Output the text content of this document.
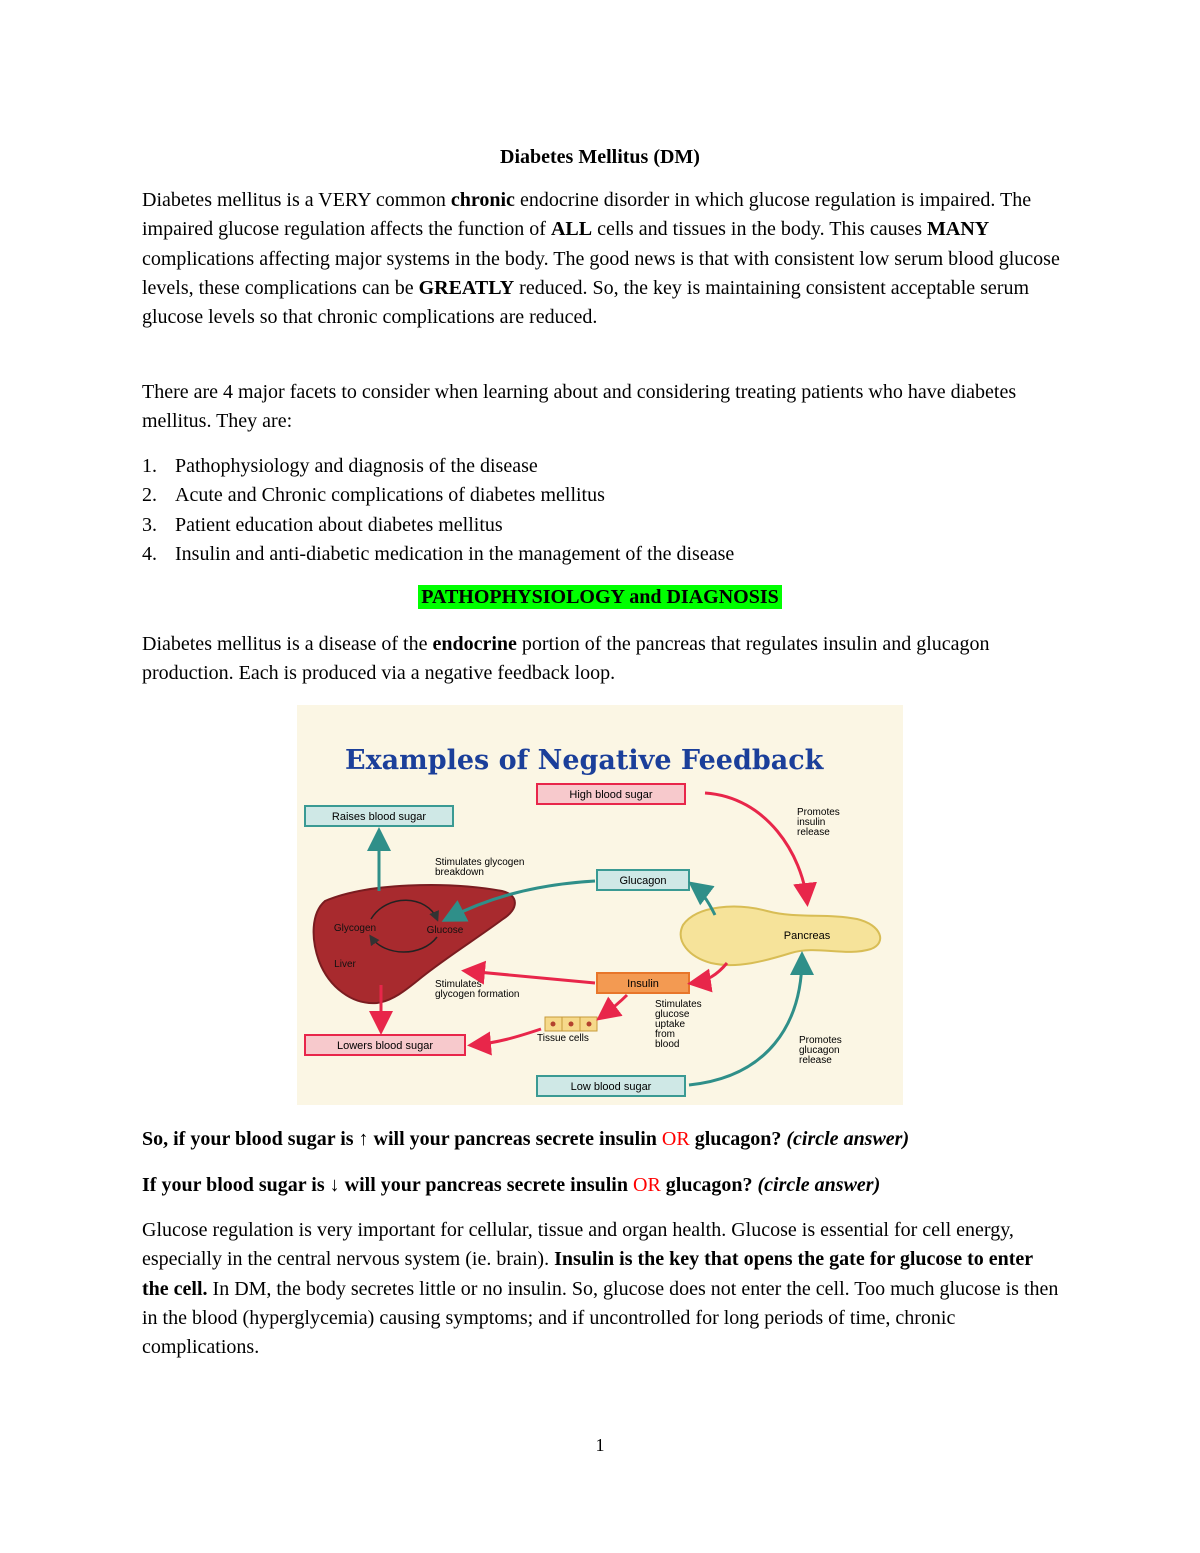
Diabetes Mellitus (DM)

Diabetes mellitus is a VERY common chronic endocrine disorder in which glucose regulation is impaired. The impaired glucose regulation affects the function of ALL cells and tissues in the body. This causes MANY complications affecting major systems in the body. The good news is that with consistent low serum blood glucose levels, these complications can be GREATLY reduced. So, the key is maintaining consistent acceptable serum glucose levels so that chronic complications are reduced.

There are 4 major facets to consider when learning about and considering treating patients who have diabetes mellitus. They are:

1. Pathophysiology and diagnosis of the disease
2. Acute and Chronic complications of diabetes mellitus
3. Patient education about diabetes mellitus
4. Insulin and anti-diabetic medication in the management of the disease
PATHOPHYSIOLOGY and DIAGNOSIS

Diabetes mellitus is a disease of the endocrine portion of the pancreas that regulates insulin and glucagon production. Each is produced via a negative feedback loop.

Examples of Negative Feedback
High blood sugar
Raises blood sugar
Glucagon
Insulin
Lowers blood sugar
Low blood sugar
Glycogen	Glucose
Liver
Pancreas
Tissue cells
Promotes insulin release
Stimulates glycogen breakdown
Stimulates glycogen formation
Stimulates glucose uptake from blood	Promotes glucagon release

So, if your blood sugar is ↑ will your pancreas secrete insulin OR glucagon? (circle answer)

If your blood sugar is ↓ will your pancreas secrete insulin OR glucagon? (circle answer)

Glucose regulation is very important for cellular, tissue and organ health. Glucose is essential for cell energy, especially in the central nervous system (ie. brain). Insulin is the key that opens the gate for glucose to enter the cell. In DM, the body secretes little or no insulin. So, glucose does not enter the cell. Too much glucose is then in the blood (hyperglycemia) causing symptoms; and if uncontrolled for long periods of time, chronic complications.

1
